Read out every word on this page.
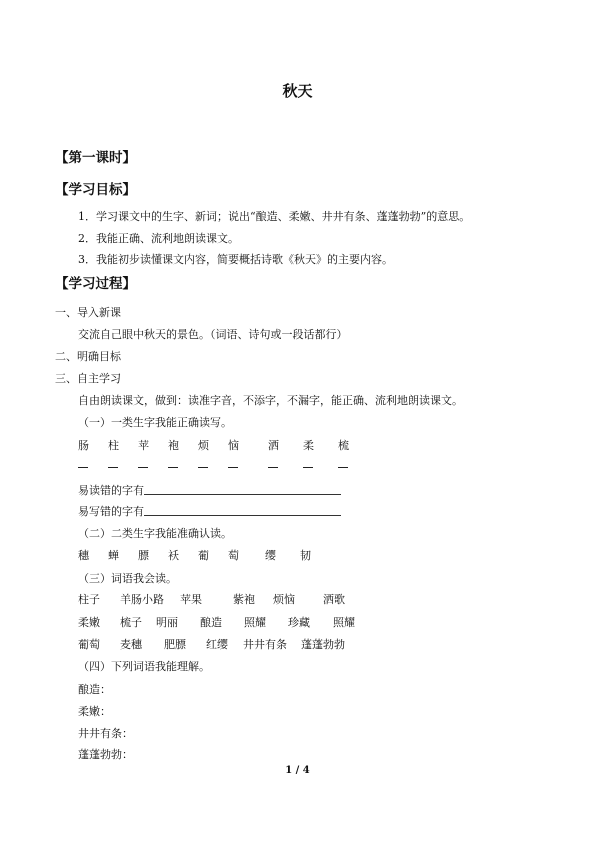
秋天
【第一课时】
【学习目标】
1．学习课文中的生字、新词；说出“酿造、柔嫩、井井有条、蓬蓬勃勃”的意思。
2．我能正确、流利地朗读课文。
3．我能初步读懂课文内容，简要概括诗歌《秋天》的主要内容。
【学习过程】
一、导入新课
交流自己眼中秋天的景色。（词语、诗句或一段话都行）
二、明确目标
三、自主学习
自由朗读课文，做到：读准字音，不添字，不漏字，能正确、流利地朗读课文。
（一）一类生字我能正确读写。
肠 柱 苹 袍 烦 恼	洒 柔 梳
易读错的字有
易写错的字有
（二）二类生字我能准确认读。
穗 蝉 膘 袄 葡 萄 缨 韧
（三）词语我会读。
柱子 羊肠小路 苹果	紫袍 烦恼	洒歌
柔嫩 梳子 明丽 酿造 照耀 珍藏 照耀
葡萄 麦穗 肥膘 红缨 井井有条 蓬蓬勃勃
（四）下列词语我能理解。
酿造：
柔嫩：
井井有条：
蓬蓬勃勃：
1 / 4
